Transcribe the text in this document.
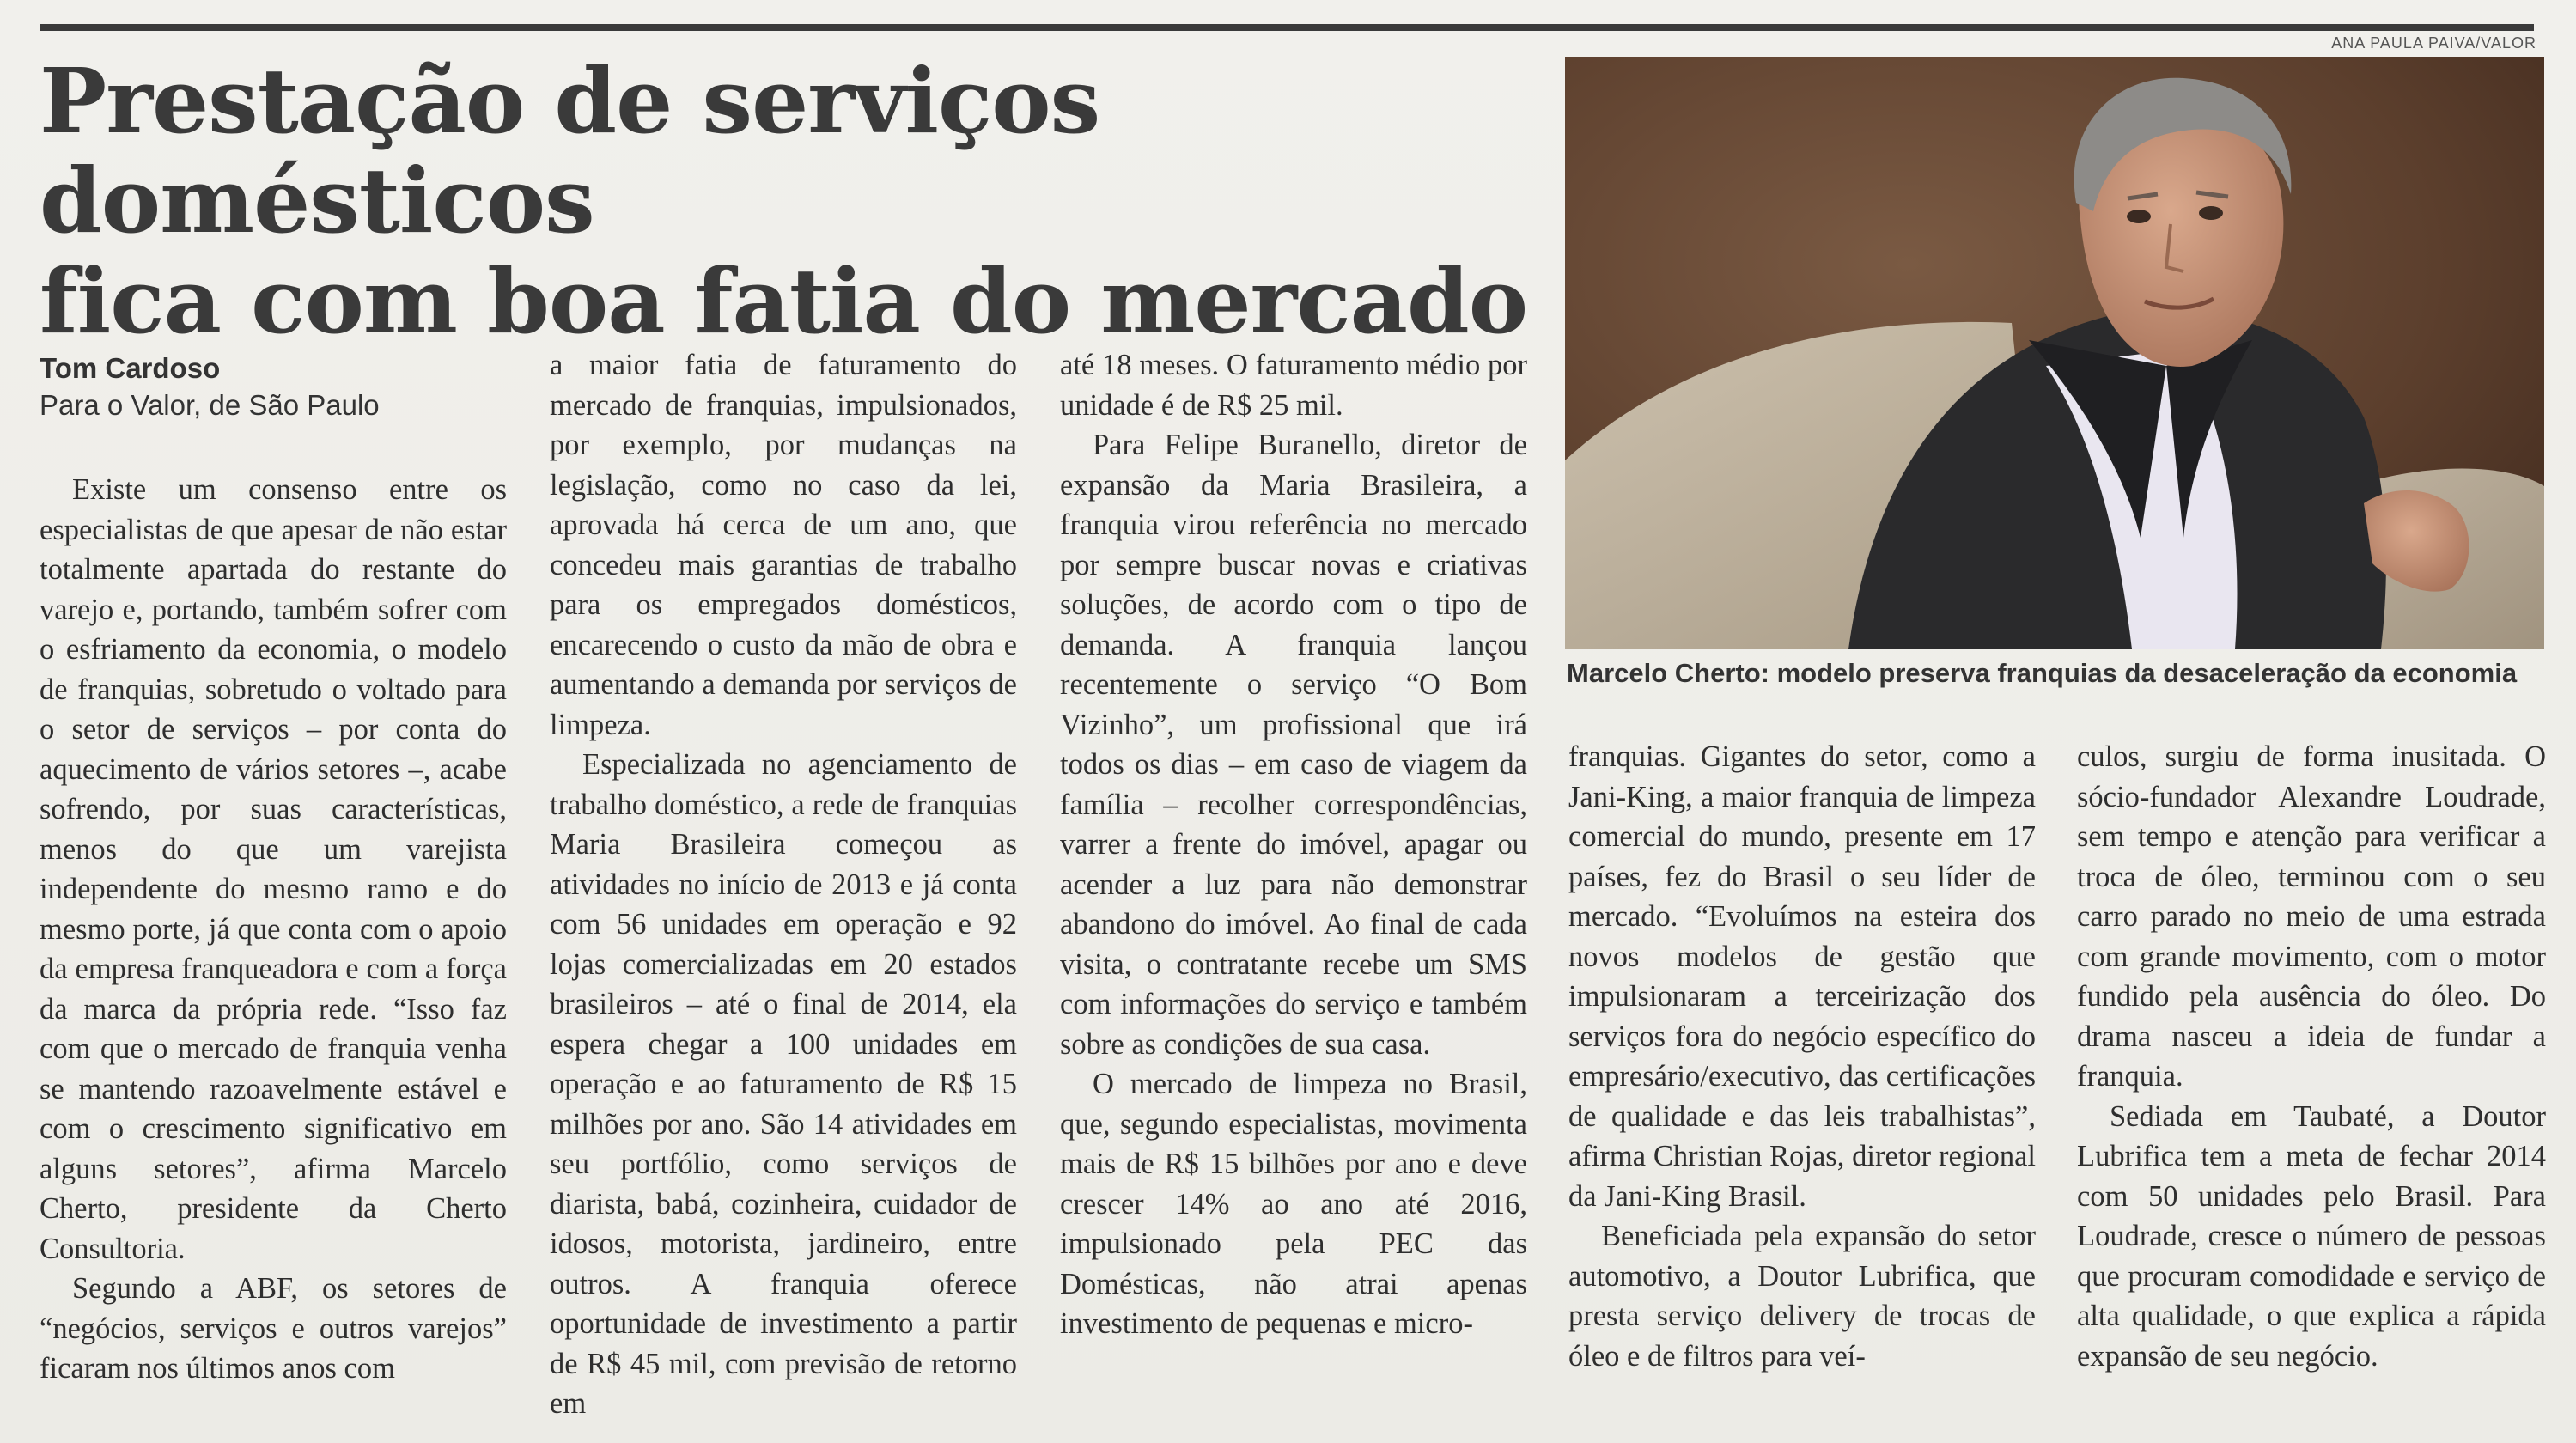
ANA PAULA PAIVA/VALOR
Prestação de serviços domésticos
fica com boa fatia do mercado
Tom Cardoso
Para o Valor, de São Paulo

Existe um consenso entre os especialistas de que apesar de não estar totalmente apartada do restante do varejo e, portando, também sofrer com o esfriamento da economia, o modelo de franquias, sobretudo o voltado para o setor de serviços – por conta do aquecimento de vários setores –, acabe sofrendo, por suas características, menos do que um varejista independente do mesmo ramo e do mesmo porte, já que conta com o apoio da empresa franqueadora e com a força da marca da própria rede. “Isso faz com que o mercado de franquia venha se mantendo razoavelmente estável e com o crescimento significativo em alguns setores”, afirma Marcelo Cherto, presidente da Cherto Consultoria.

Segundo a ABF, os setores de “negócios, serviços e outros varejos” ficaram nos últimos anos com

a maior fatia de faturamento do mercado de franquias, impulsionados, por exemplo, por mudanças na legislação, como no caso da lei, aprovada há cerca de um ano, que concedeu mais garantias de trabalho para os empregados domésticos, encarecendo o custo da mão de obra e aumentando a demanda por serviços de limpeza.

Especializada no agenciamento de trabalho doméstico, a rede de franquias Maria Brasileira começou as atividades no início de 2013 e já conta com 56 unidades em operação e 92 lojas comercializadas em 20 estados brasileiros – até o final de 2014, ela espera chegar a 100 unidades em operação e ao faturamento de R$ 15 milhões por ano. São 14 atividades em seu portfólio, como serviços de diarista, babá, cozinheira, cuidador de idosos, motorista, jardineiro, entre outros. A franquia oferece oportunidade de investimento a partir de R$ 45 mil, com previsão de retorno em

até 18 meses. O faturamento médio por unidade é de R$ 25 mil.

Para Felipe Buranello, diretor de expansão da Maria Brasileira, a franquia virou referência no mercado por sempre buscar novas e criativas soluções, de acordo com o tipo de demanda. A franquia lançou recentemente o serviço “O Bom Vizinho”, um profissional que irá todos os dias – em caso de viagem da família – recolher correspondências, varrer a frente do imóvel, apagar ou acender a luz para não demonstrar abandono do imóvel. Ao final de cada visita, o contratante recebe um SMS com informações do serviço e também sobre as condições de sua casa.

O mercado de limpeza no Brasil, que, segundo especialistas, movimenta mais de R$ 15 bilhões por ano e deve crescer 14% ao ano até 2016, impulsionado pela PEC das Domésticas, não atrai apenas investimento de pequenas e micro-

Marcelo Cherto: modelo preserva franquias da desaceleração da economia

franquias. Gigantes do setor, como a Jani-King, a maior franquia de limpeza comercial do mundo, presente em 17 países, fez do Brasil o seu líder de mercado. “Evoluímos na esteira dos novos modelos de gestão que impulsionaram a terceirização dos serviços fora do negócio específico do empresário/executivo, das certificações de qualidade e das leis trabalhistas”, afirma Christian Rojas, diretor regional da Jani-King Brasil.

Beneficiada pela expansão do setor automotivo, a Doutor Lubrifica, que presta serviço delivery de trocas de óleo e de filtros para veí-

culos, surgiu de forma inusitada. O sócio-fundador Alexandre Loudrade, sem tempo e atenção para verificar a troca de óleo, terminou com o seu carro parado no meio de uma estrada com grande movimento, com o motor fundido pela ausência do óleo. Do drama nasceu a ideia de fundar a franquia.

Sediada em Taubaté, a Doutor Lubrifica tem a meta de fechar 2014 com 50 unidades pelo Brasil. Para Loudrade, cresce o número de pessoas que procuram comodidade e serviço de alta qualidade, o que explica a rápida expansão de seu negócio.
